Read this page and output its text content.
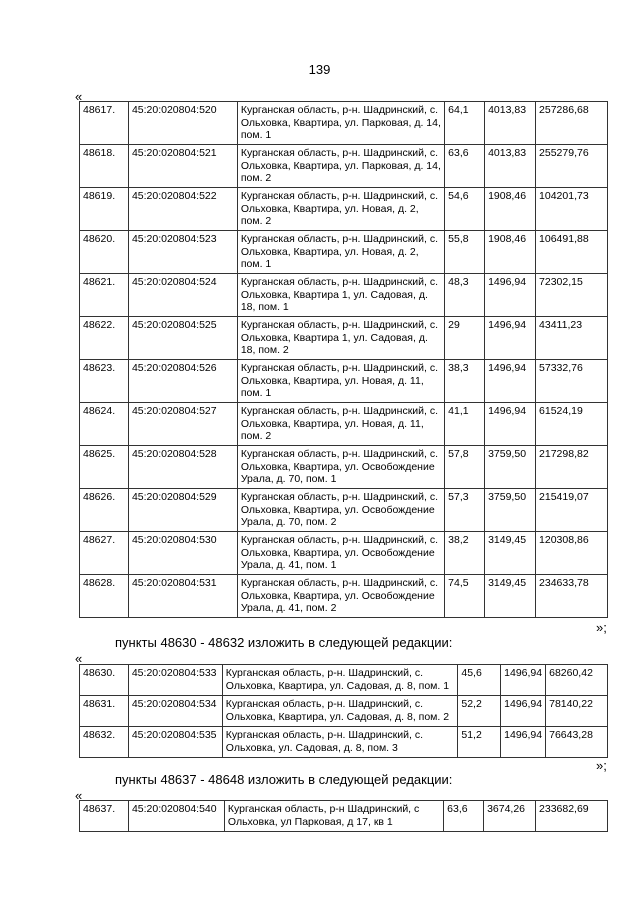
139
«
48617.	45:20:020804:520	Курганская область, р-н. Шадринский, с. Ольховка, Квартира, ул. Парковая, д. 14, пом. 1	64,1	4013,83	257286,68
48618.	45:20:020804:521	Курганская область, р-н. Шадринский, с. Ольховка, Квартира, ул. Парковая, д. 14, пом. 2	63,6	4013,83	255279,76
48619.	45:20:020804:522	Курганская область, р-н. Шадринский, с. Ольховка, Квартира, ул. Новая, д. 2, пом. 2	54,6	1908,46	104201,73
48620.	45:20:020804:523	Курганская область, р-н. Шадринский, с. Ольховка, Квартира, ул. Новая, д. 2, пом. 1	55,8	1908,46	106491,88
48621.	45:20:020804:524	Курганская область, р-н. Шадринский, с. Ольховка, Квартира 1, ул. Садовая, д. 18, пом. 1	48,3	1496,94	72302,15
48622.	45:20:020804:525	Курганская область, р-н. Шадринский, с. Ольховка, Квартира 1, ул. Садовая, д. 18, пом. 2	29	1496,94	43411,23
48623.	45:20:020804:526	Курганская область, р-н. Шадринский, с. Ольховка, Квартира, ул. Новая, д. 11, пом. 1	38,3	1496,94	57332,76
48624.	45:20:020804:527	Курганская область, р-н. Шадринский, с. Ольховка, Квартира, ул. Новая, д. 11, пом. 2	41,1	1496,94	61524,19
48625.	45:20:020804:528	Курганская область, р-н. Шадринский, с. Ольховка, Квартира, ул. Освобождение Урала, д. 70, пом. 1	57,8	3759,50	217298,82
48626.	45:20:020804:529	Курганская область, р-н. Шадринский, с. Ольховка, Квартира, ул. Освобождение Урала, д. 70, пом. 2	57,3	3759,50	215419,07
48627.	45:20:020804:530	Курганская область, р-н. Шадринский, с. Ольховка, Квартира, ул. Освобождение Урала, д. 41, пом. 1	38,2	3149,45	120308,86
48628.	45:20:020804:531	Курганская область, р-н. Шадринский, с. Ольховка, Квартира, ул. Освобождение Урала, д. 41, пом. 2	74,5	3149,45	234633,78
»;
пункты 48630 - 48632 изложить в следующей редакции:
«
48630.	45:20:020804:533	Курганская область, р-н. Шадринский, с. Ольховка, Квартира, ул. Садовая, д. 8, пом. 1	45,6	1496,94	68260,42
48631.	45:20:020804:534	Курганская область, р-н. Шадринский, с. Ольховка, Квартира, ул. Садовая, д. 8, пом. 2	52,2	1496,94	78140,22
48632.	45:20:020804:535	Курганская область, р-н. Шадринский, с. Ольховка, ул. Садовая, д. 8, пом. 3	51,2	1496,94	76643,28
»;
пункты 48637 - 48648 изложить в следующей редакции:
«
48637.	45:20:020804:540	Курганская область, р-н Шадринский, с Ольховка, ул Парковая, д 17, кв 1	63,6	3674,26	233682,69
